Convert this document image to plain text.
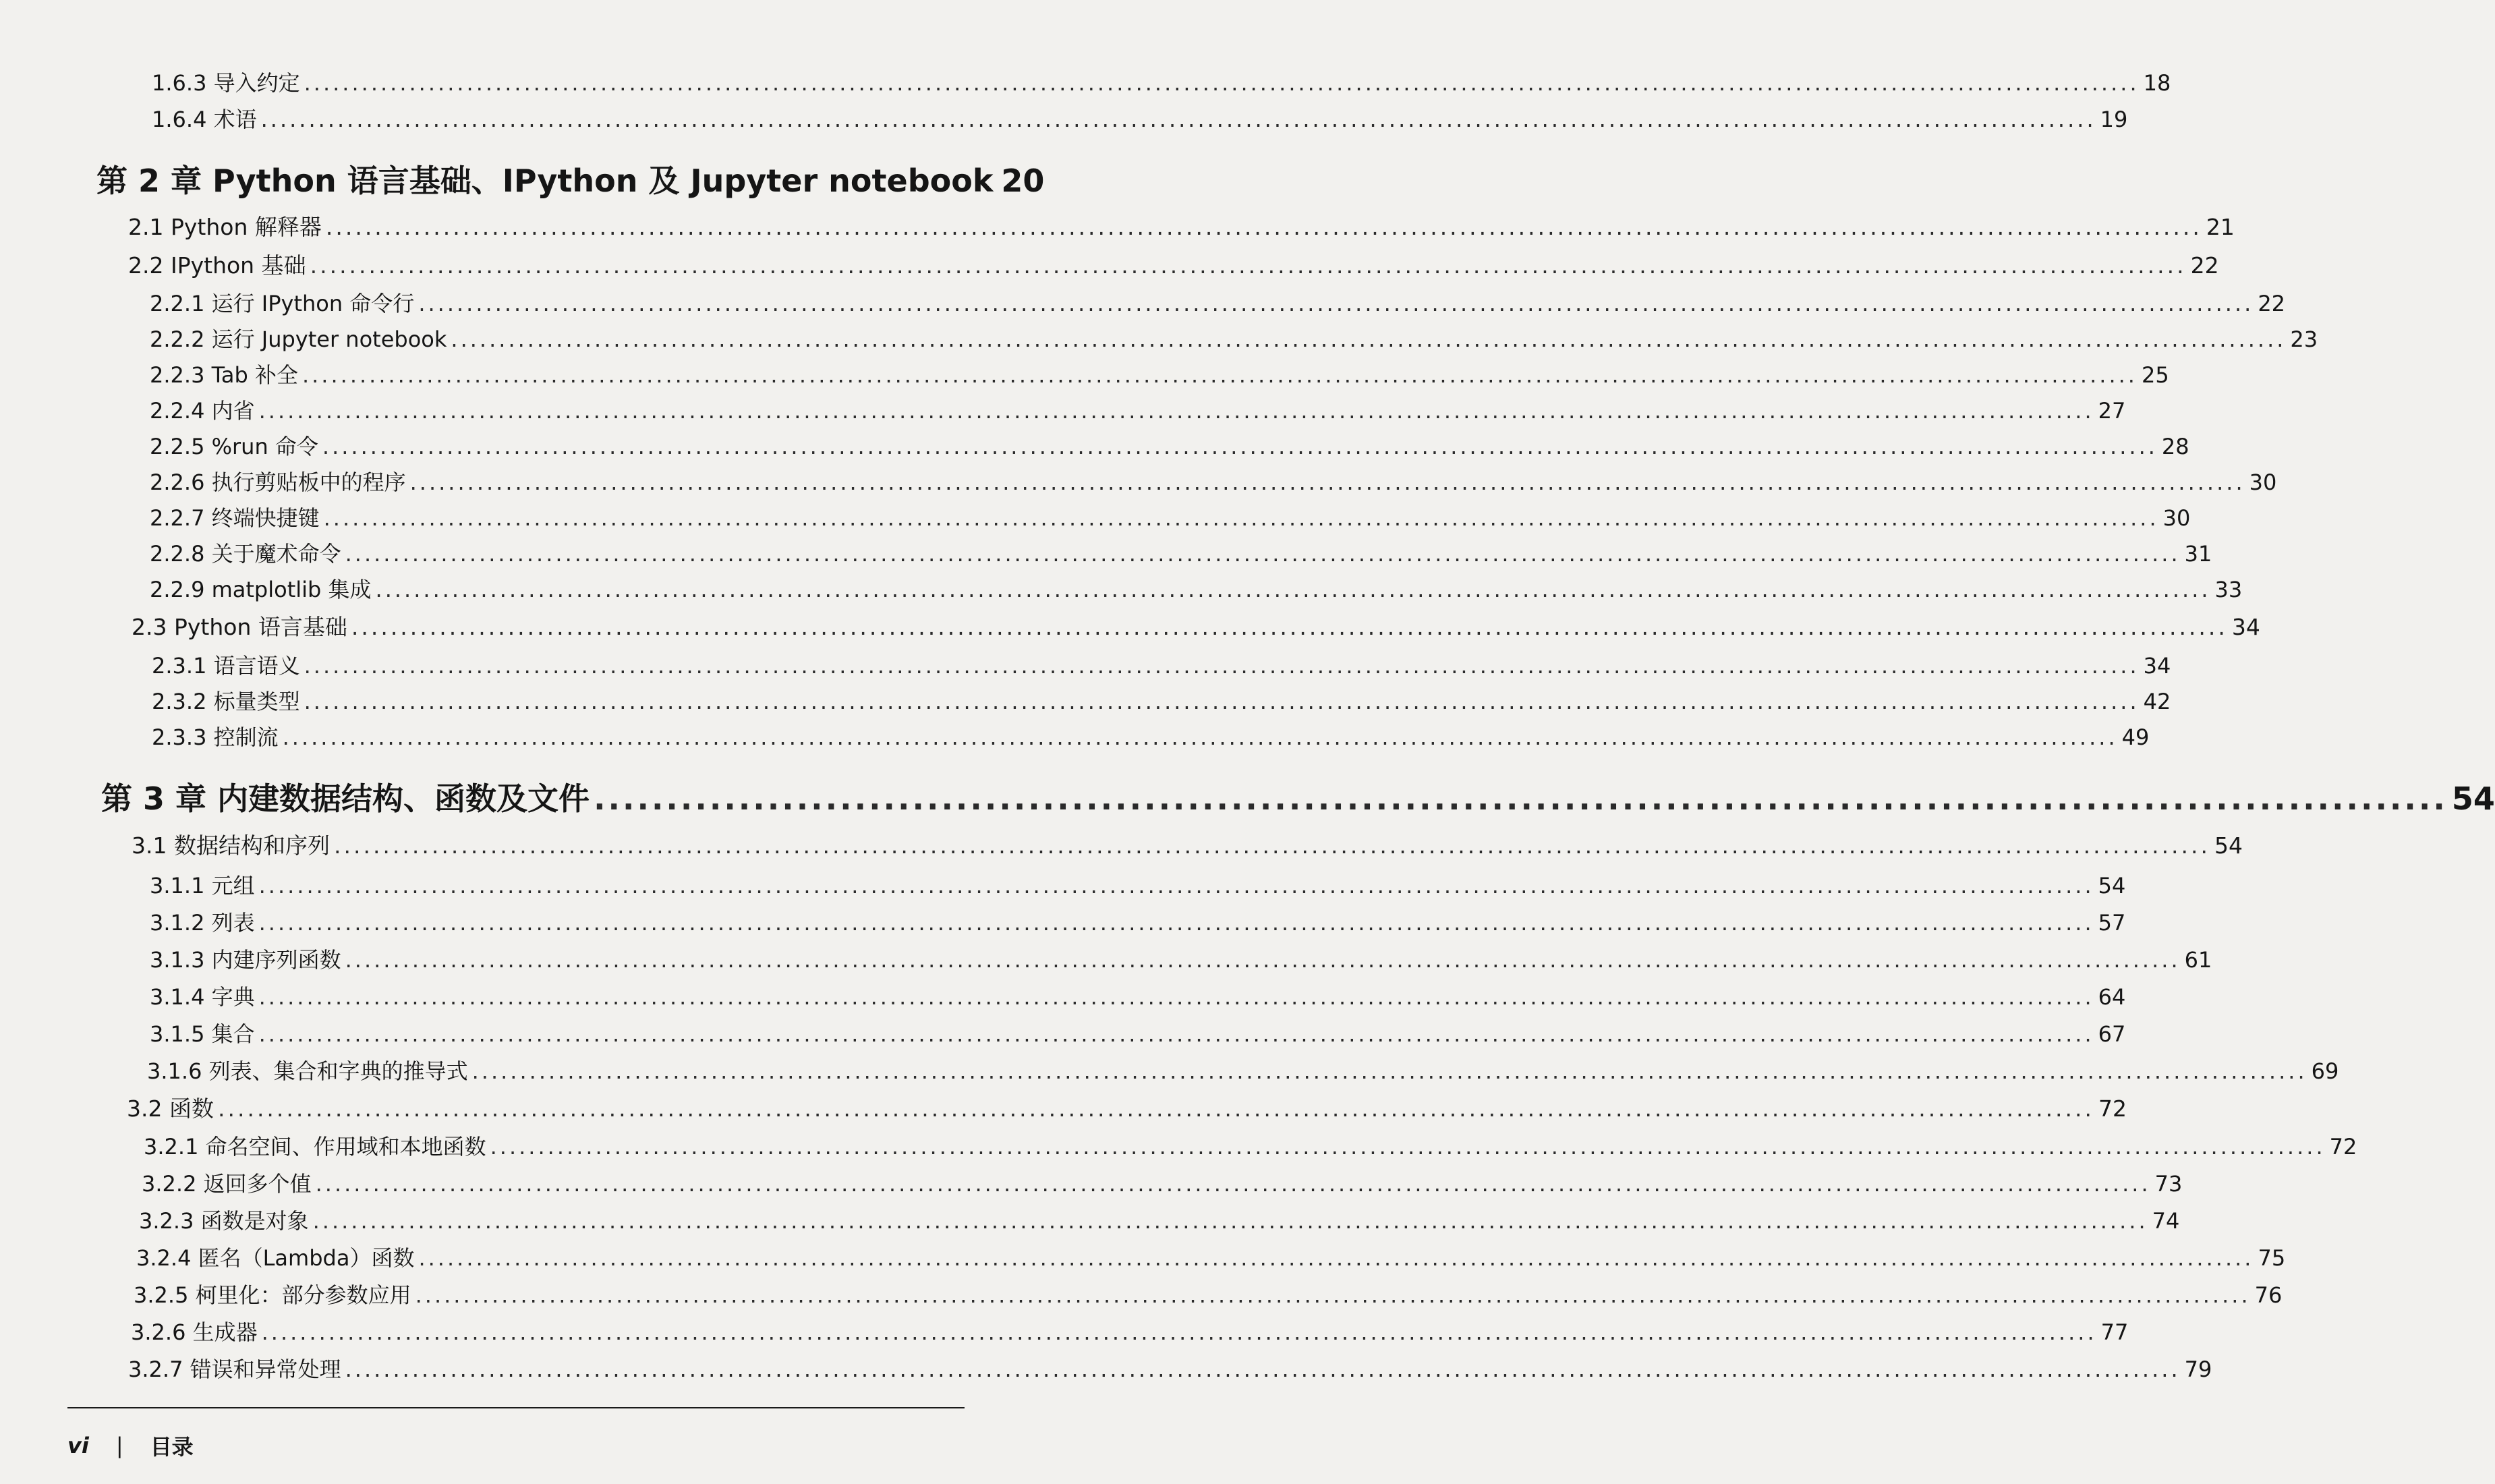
1.6.3 导入约定 ................................................................................................................................................................................................ 18
1.6.4 术语 ................................................................................................................................................................................................ 19
第 2 章 Python 语言基础、IPython 及 Jupyter notebook 20
2.1 Python 解释器 ................................................................................................................................................................................................ 21
2.2 IPython 基础 ................................................................................................................................................................................................ 22
2.2.1 运行 IPython 命令行 ................................................................................................................................................................................................ 22
2.2.2 运行 Jupyter notebook ................................................................................................................................................................................................ 23
2.2.3 Tab 补全 ................................................................................................................................................................................................ 25
2.2.4 内省 ................................................................................................................................................................................................ 27
2.2.5 %run 命令 ................................................................................................................................................................................................ 28
2.2.6 执行剪贴板中的程序 ................................................................................................................................................................................................ 30
2.2.7 终端快捷键 ................................................................................................................................................................................................ 30
2.2.8 关于魔术命令 ................................................................................................................................................................................................ 31
2.2.9 matplotlib 集成 ................................................................................................................................................................................................ 33
2.3 Python 语言基础 ................................................................................................................................................................................................ 34
2.3.1 语言语义 ................................................................................................................................................................................................ 34
2.3.2 标量类型 ................................................................................................................................................................................................ 42
2.3.3 控制流 ................................................................................................................................................................................................ 49
第 3 章 内建数据结构、函数及文件 ................................................................................................................................ 54
3.1 数据结构和序列 ................................................................................................................................................................................................ 54
3.1.1 元组 ................................................................................................................................................................................................ 54
3.1.2 列表 ................................................................................................................................................................................................ 57
3.1.3 内建序列函数 ................................................................................................................................................................................................ 61
3.1.4 字典 ................................................................................................................................................................................................ 64
3.1.5 集合 ................................................................................................................................................................................................ 67
3.1.6 列表、集合和字典的推导式 ................................................................................................................................................................................................ 69
3.2 函数 ................................................................................................................................................................................................ 72
3.2.1 命名空间、作用域和本地函数 ................................................................................................................................................................................................ 72
3.2.2 返回多个值 ................................................................................................................................................................................................ 73
3.2.3 函数是对象 ................................................................................................................................................................................................ 74
3.2.4 匿名（Lambda）函数 ................................................................................................................................................................................................ 75
3.2.5 柯里化：部分参数应用 ................................................................................................................................................................................................ 76
3.2.6 生成器 ................................................................................................................................................................................................ 77
3.2.7 错误和异常处理 ................................................................................................................................................................................................ 79
vi | 目录
